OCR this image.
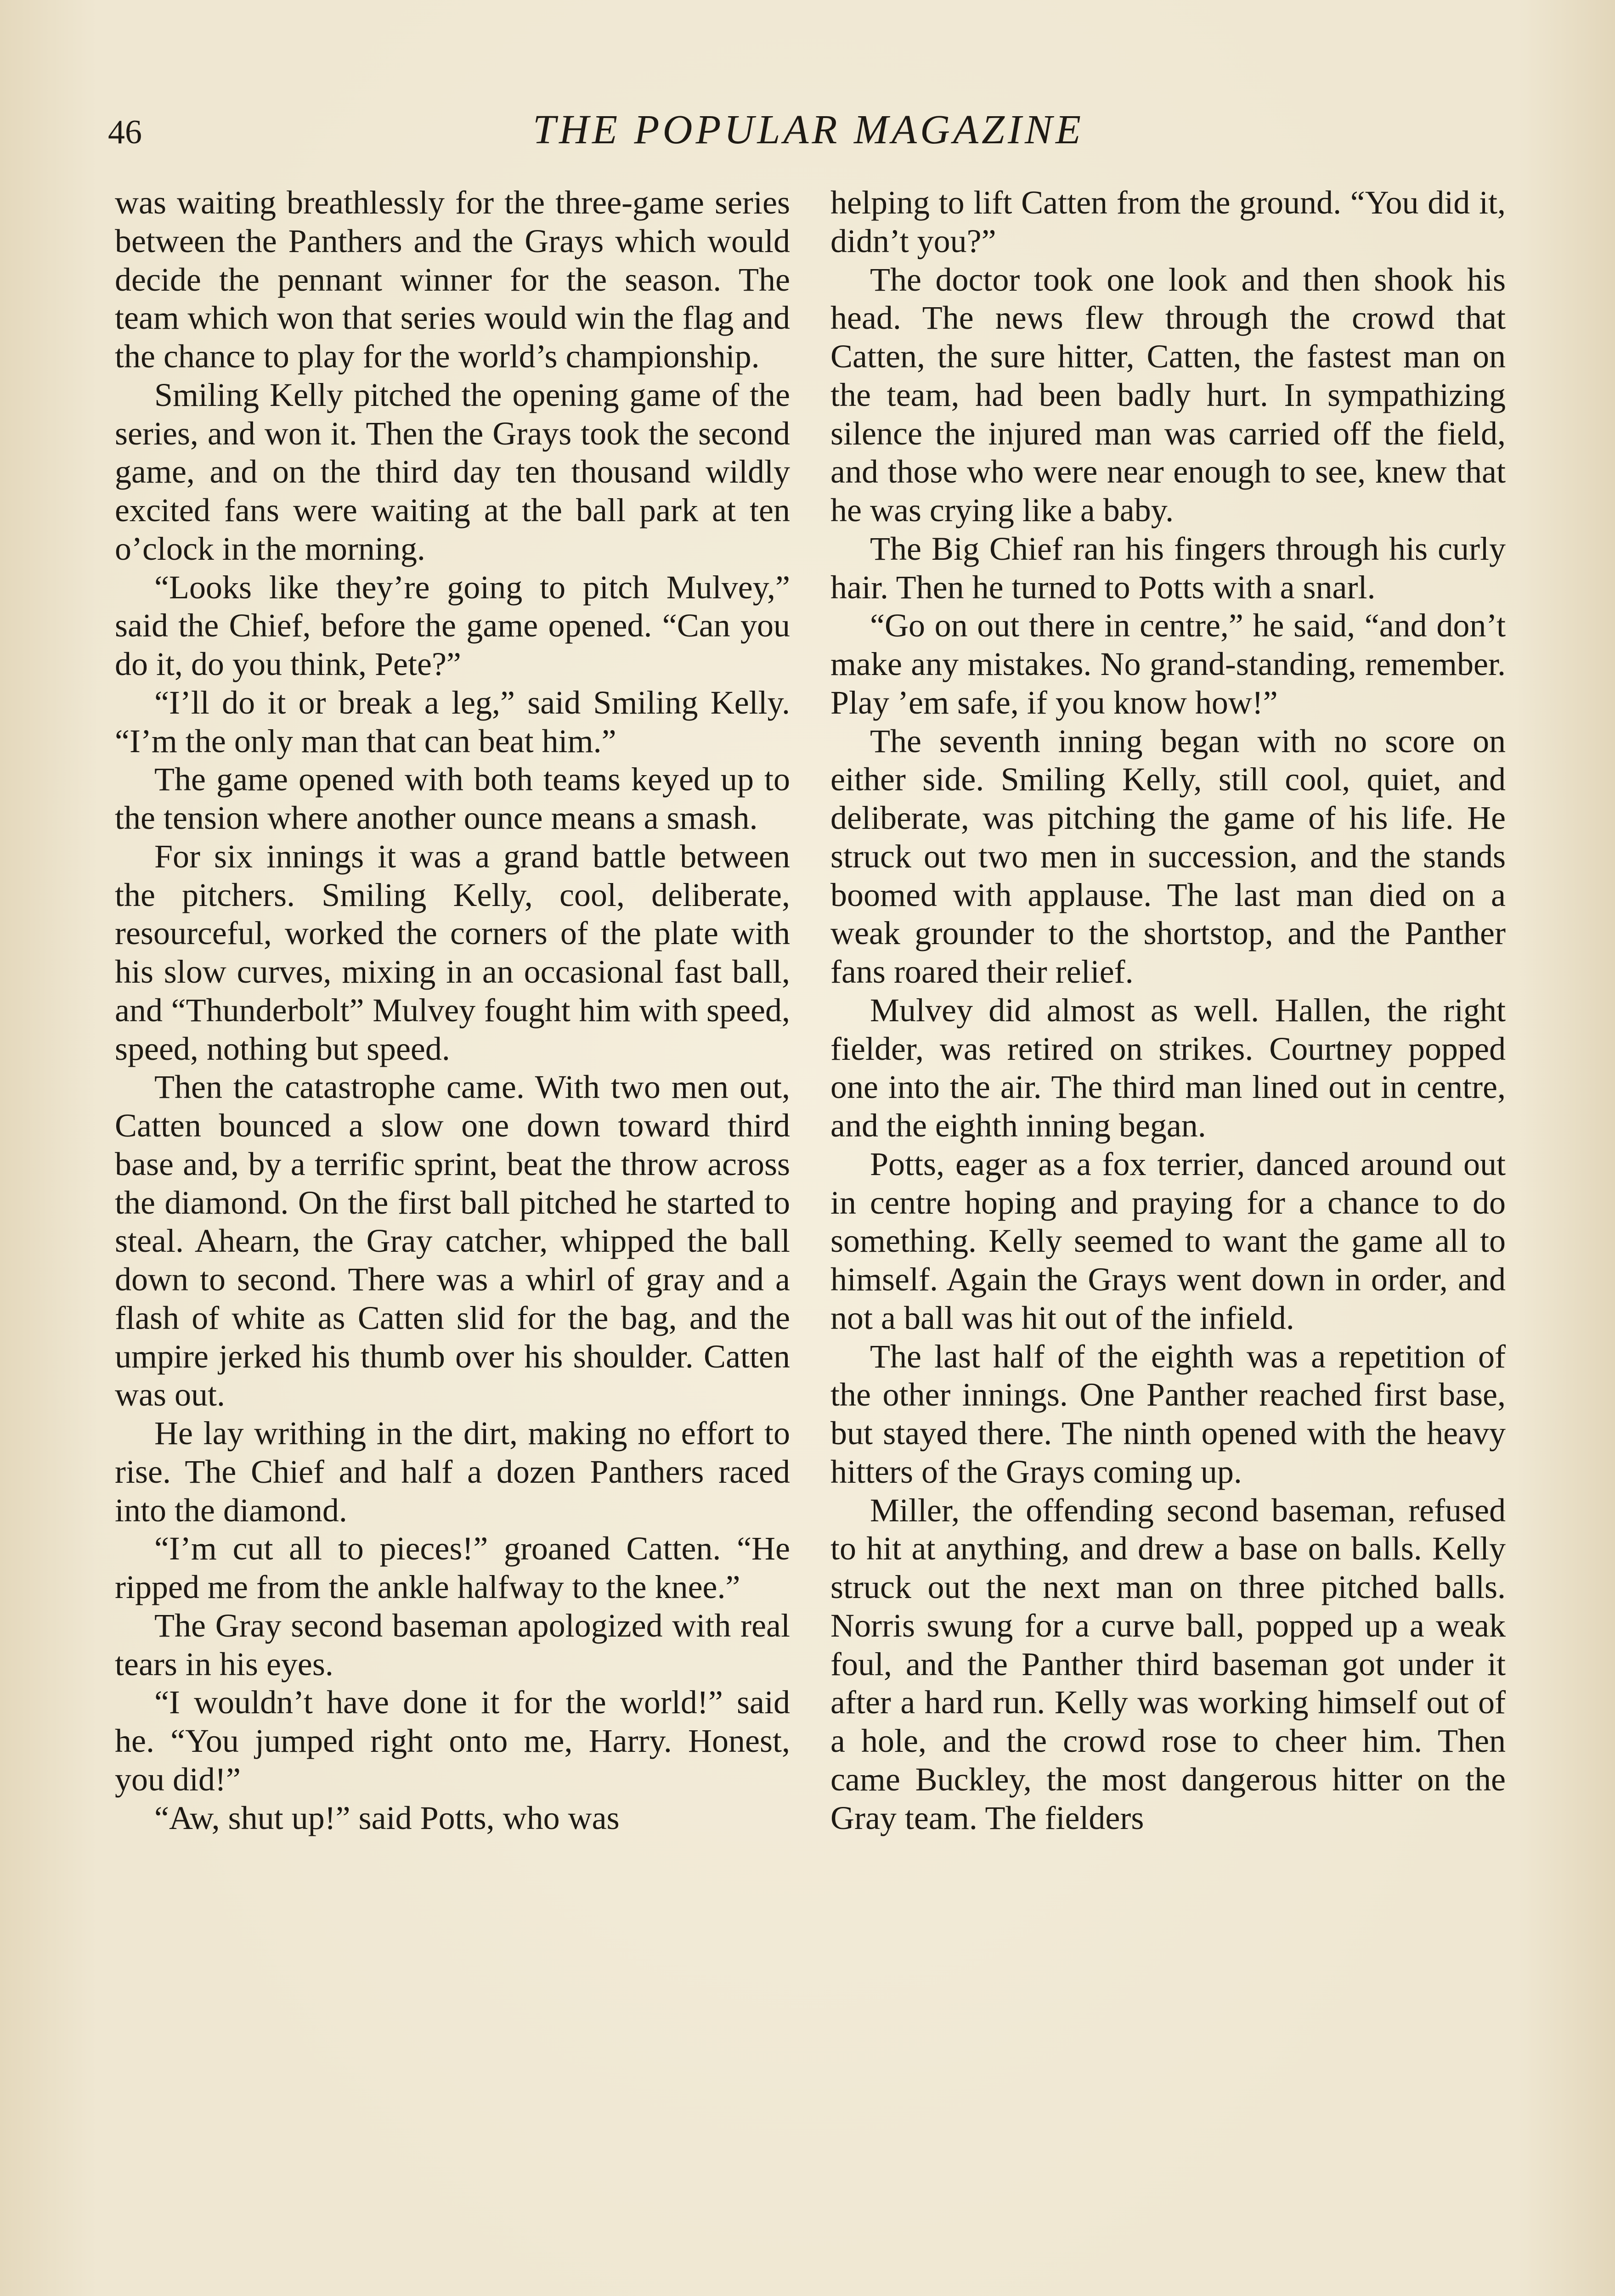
46	THE POPULAR MAGAZINE

was waiting breathlessly for the three-game series between the Panthers and the Grays which would decide the pennant winner for the season. The team which won that series would win the flag and the chance to play for the world’s championship.

Smiling Kelly pitched the opening game of the series, and won it. Then the Grays took the second game, and on the third day ten thousand wildly excited fans were waiting at the ball park at ten o’clock in the morning.

“Looks like they’re going to pitch Mulvey,” said the Chief, before the game opened. “Can you do it, do you think, Pete?”

“I’ll do it or break a leg,” said Smiling Kelly. “I’m the only man that can beat him.”

The game opened with both teams keyed up to the tension where another ounce means a smash.

For six innings it was a grand battle between the pitchers. Smiling Kelly, cool, deliberate, resourceful, worked the corners of the plate with his slow curves, mixing in an occasional fast ball, and “Thunderbolt” Mulvey fought him with speed, speed, nothing but speed.

Then the catastrophe came. With two men out, Catten bounced a slow one down toward third base and, by a terrific sprint, beat the throw across the diamond. On the first ball pitched he started to steal. Ahearn, the Gray catcher, whipped the ball down to second. There was a whirl of gray and a flash of white as Catten slid for the bag, and the umpire jerked his thumb over his shoulder. Catten was out.

He lay writhing in the dirt, making no effort to rise. The Chief and half a dozen Panthers raced into the diamond.

“I’m cut all to pieces!” groaned Catten. “He ripped me from the ankle halfway to the knee.”

The Gray second baseman apologized with real tears in his eyes.

“I wouldn’t have done it for the world!” said he. “You jumped right onto me, Harry. Honest, you did!”

“Aw, shut up!” said Potts, who was

helping to lift Catten from the ground. “You did it, didn’t you?”

The doctor took one look and then shook his head. The news flew through the crowd that Catten, the sure hitter, Catten, the fastest man on the team, had been badly hurt. In sympathizing silence the injured man was carried off the field, and those who were near enough to see, knew that he was crying like a baby.

The Big Chief ran his fingers through his curly hair. Then he turned to Potts with a snarl.

“Go on out there in centre,” he said, “and don’t make any mistakes. No grand-standing, remember. Play ’em safe, if you know how!”

The seventh inning began with no score on either side. Smiling Kelly, still cool, quiet, and deliberate, was pitching the game of his life. He struck out two men in succession, and the stands boomed with applause. The last man died on a weak grounder to the shortstop, and the Panther fans roared their relief.

Mulvey did almost as well. Hallen, the right fielder, was retired on strikes. Courtney popped one into the air. The third man lined out in centre, and the eighth inning began.

Potts, eager as a fox terrier, danced around out in centre hoping and praying for a chance to do something. Kelly seemed to want the game all to himself. Again the Grays went down in order, and not a ball was hit out of the infield.

The last half of the eighth was a repetition of the other innings. One Panther reached first base, but stayed there. The ninth opened with the heavy hitters of the Grays coming up.

Miller, the offending second baseman, refused to hit at anything, and drew a base on balls. Kelly struck out the next man on three pitched balls. Norris swung for a curve ball, popped up a weak foul, and the Panther third baseman got under it after a hard run. Kelly was working himself out of a hole, and the crowd rose to cheer him. Then came Buckley, the most dangerous hitter on the Gray team. The fielders
